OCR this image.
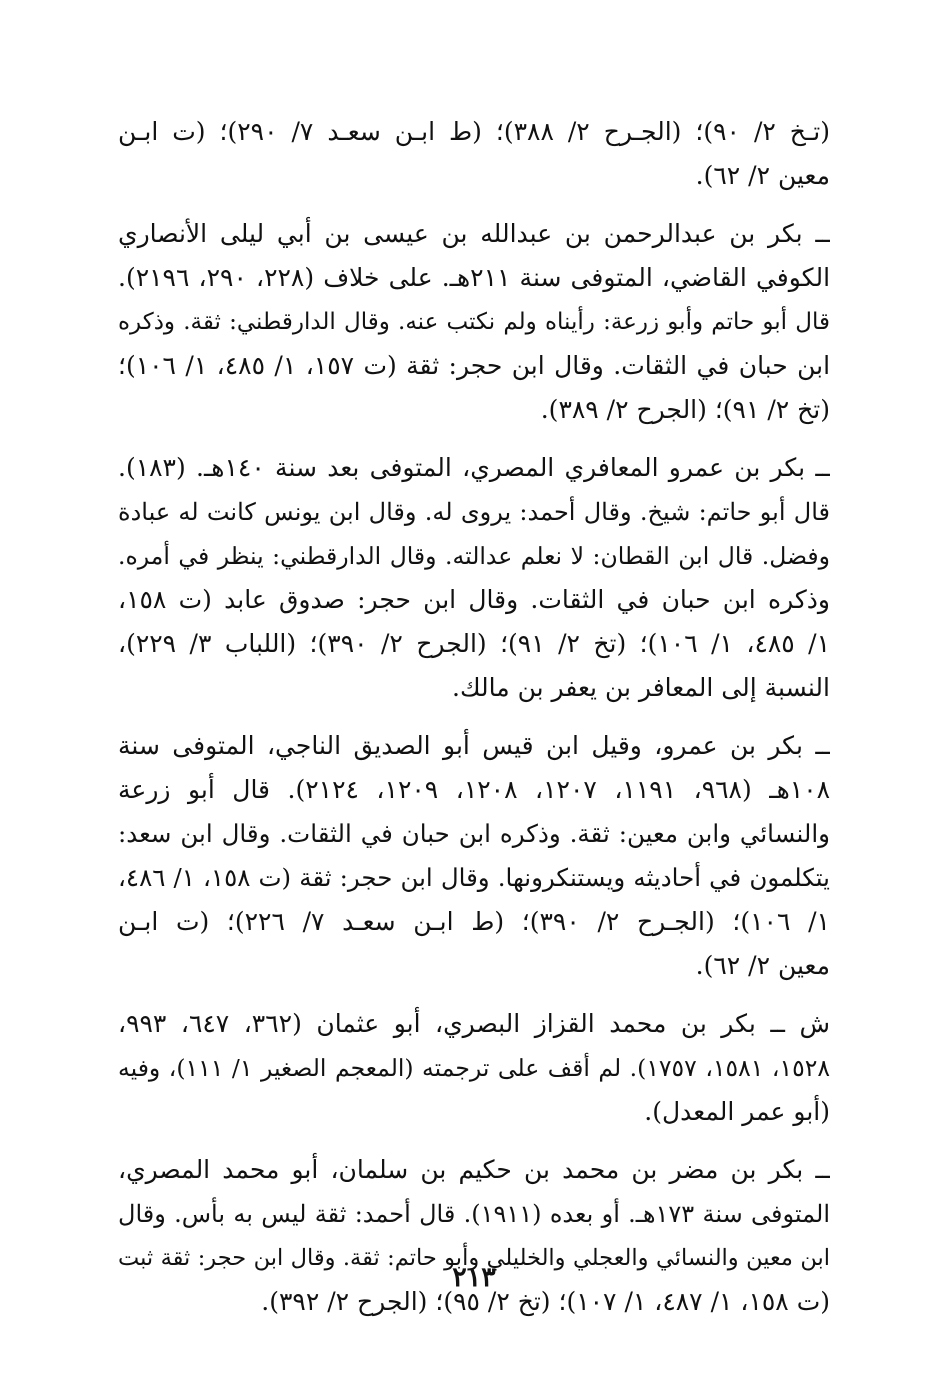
(تـخ ٢/ ٩٠)؛ (الجـرح ٢/ ٣٨٨)؛ (ط ابـن سعـد ٧/ ٢٩٠)؛ (ت ابـن
معين ٢/ ٦٢).
ــ بكر بن عبدالرحمن بن عبدالله بن عيسى بن أبي ليلى الأنصاري
الكوفي القاضي، المتوفى سنة ٢١١هـ. على خلاف (٢٢٨، ٢٩٠، ٢١٩٦).
قال أبو حاتم وأبو زرعة: رأيناه ولم نكتب عنه. وقال الدارقطني: ثقة. وذكره
ابن حبان في الثقات. وقال ابن حجر: ثقة (ت ١٥٧، ١/ ٤٨٥، ١/ ١٠٦)؛
(تخ ٢/ ٩١)؛ (الجرح ٢/ ٣٨٩).
ــ بكر بن عمرو المعافري المصري، المتوفى بعد سنة ١٤٠هـ. (١٨٣).
قال أبو حاتم: شيخ. وقال أحمد: يروى له. وقال ابن يونس كانت له عبادة
وفضل. قال ابن القطان: لا نعلم عدالته. وقال الدارقطني: ينظر في أمره.
وذكره ابن حبان في الثقات. وقال ابن حجر: صدوق عابد (ت ١٥٨،
١/ ٤٨٥، ١/ ١٠٦)؛ (تخ ٢/ ٩١)؛ (الجرح ٢/ ٣٩٠)؛ (اللباب ٣/ ٢٢٩)،
النسبة إلى المعافر بن يعفر بن مالك.
ــ بكر بن عمرو، وقيل ابن قيس أبو الصديق الناجي، المتوفى سنة
١٠٨هـ (٩٦٨، ١١٩١، ١٢٠٧، ١٢٠٨، ١٢٠٩، ٢١٢٤). قال أبو زرعة
والنسائي وابن معين: ثقة. وذكره ابن حبان في الثقات. وقال ابن سعد:
يتكلمون في أحاديثه ويستنكرونها. وقال ابن حجر: ثقة (ت ١٥٨، ١/ ٤٨٦،
١/ ١٠٦)؛ (الجـرح ٢/ ٣٩٠)؛ (ط ابـن سعـد ٧/ ٢٢٦)؛ (ت ابـن
معين ٢/ ٦٢).
ش ــ بكر بن محمد القزاز البصري، أبو عثمان (٣٦٢، ٦٤٧، ٩٩٣،
١٥٢٨، ١٥٨١، ١٧٥٧). لم أقف على ترجمته (المعجم الصغير ١/ ١١١)، وفيه
(أبو عمر المعدل).
ــ بكر بن مضر بن محمد بن حكيم بن سلمان، أبو محمد المصري،
المتوفى سنة ١٧٣هـ. أو بعده (١٩١١). قال أحمد: ثقة ليس به بأس. وقال
ابن معين والنسائي والعجلي والخليلي وأبو حاتم: ثقة. وقال ابن حجر: ثقة ثبت
(ت ١٥٨، ١/ ٤٨٧، ١/ ١٠٧)؛ (تخ ٢/ ٩٥)؛ (الجرح ٢/ ٣٩٢).
٢١٣
